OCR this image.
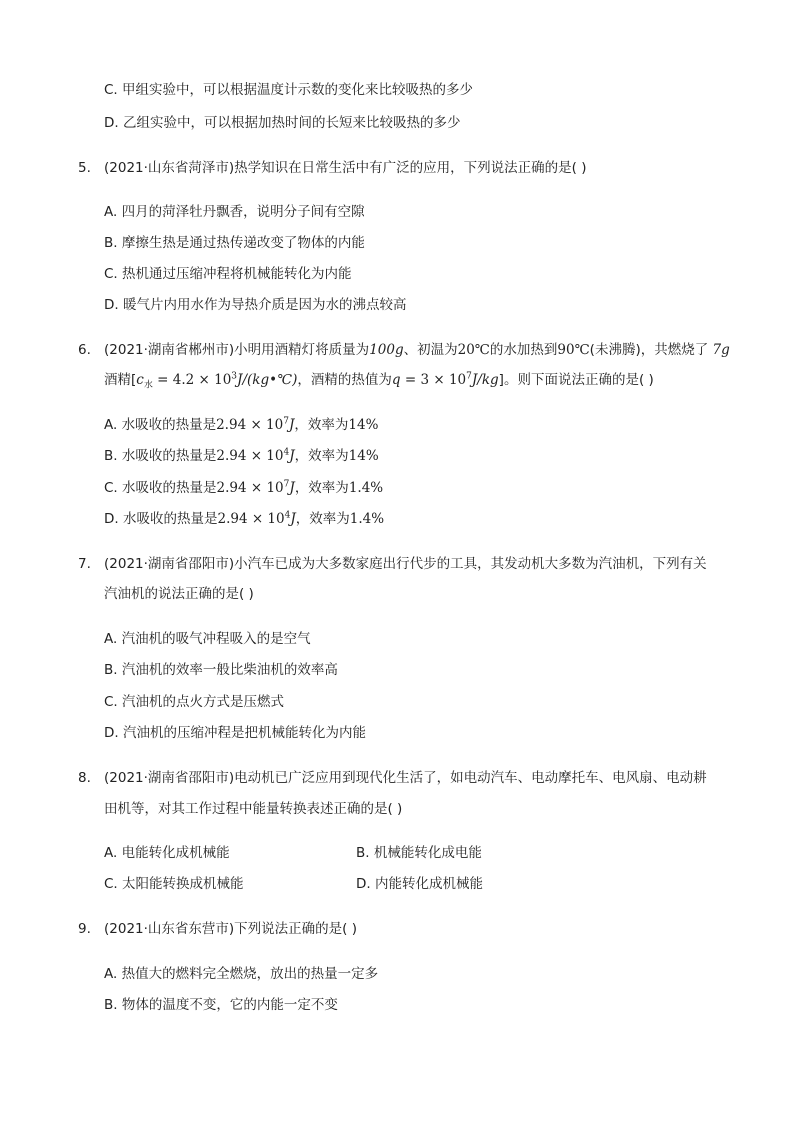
C. 甲组实验中，可以根据温度计示数的变化来比较吸热的多少
D. 乙组实验中，可以根据加热时间的长短来比较吸热的多少
5. (2021·山东省菏泽市)热学知识在日常生活中有广泛的应用，下列说法正确的是( )
A. 四月的菏泽牡丹飘香，说明分子间有空隙
B. 摩擦生热是通过热传递改变了物体的内能
C. 热机通过压缩冲程将机械能转化为内能
D. 暖气片内用水作为导热介质是因为水的沸点较高
6. (2021·湖南省郴州市)小明用酒精灯将质量为100g、初温为20℃的水加热到90℃(未沸腾)，共燃烧了 7g
酒精[$c_水 = 4.2$ × $10^3J/(kg•℃)$，酒精的热值为$q = 3 \times 10^7J/kg$]。则下面说法正确的是( )
A. 水吸收的热量是$2.94 \times 10^7J$，效率为14%
B. 水吸收的热量是$2.94 \times 10^4J$，效率为14%
C. 水吸收的热量是$2.94 \times 10^7J$，效率为1.4%
D. 水吸收的热量是$2.94 \times 10^4J$，效率为1.4%
7. (2021·湖南省邵阳市)小汽车已成为大多数家庭出行代步的工具，其发动机大多数为汽油机，下列有关
汽油机的说法正确的是( )
A. 汽油机的吸气冲程吸入的是空气
B. 汽油机的效率一般比柴油机的效率高
C. 汽油机的点火方式是压燃式
D. 汽油机的压缩冲程是把机械能转化为内能
8. (2021·湖南省邵阳市)电动机已广泛应用到现代化生活了，如电动汽车、电动摩托车、电风扇、电动耕
田机等，对其工作过程中能量转换表述正确的是( )
A. 电能转化成机械能	B. 机械能转化成电能
C. 太阳能转换成机械能	D. 内能转化成机械能
9. (2021·山东省东营市)下列说法正确的是( )
A. 热值大的燃料完全燃烧，放出的热量一定多
B. 物体的温度不变，它的内能一定不变
